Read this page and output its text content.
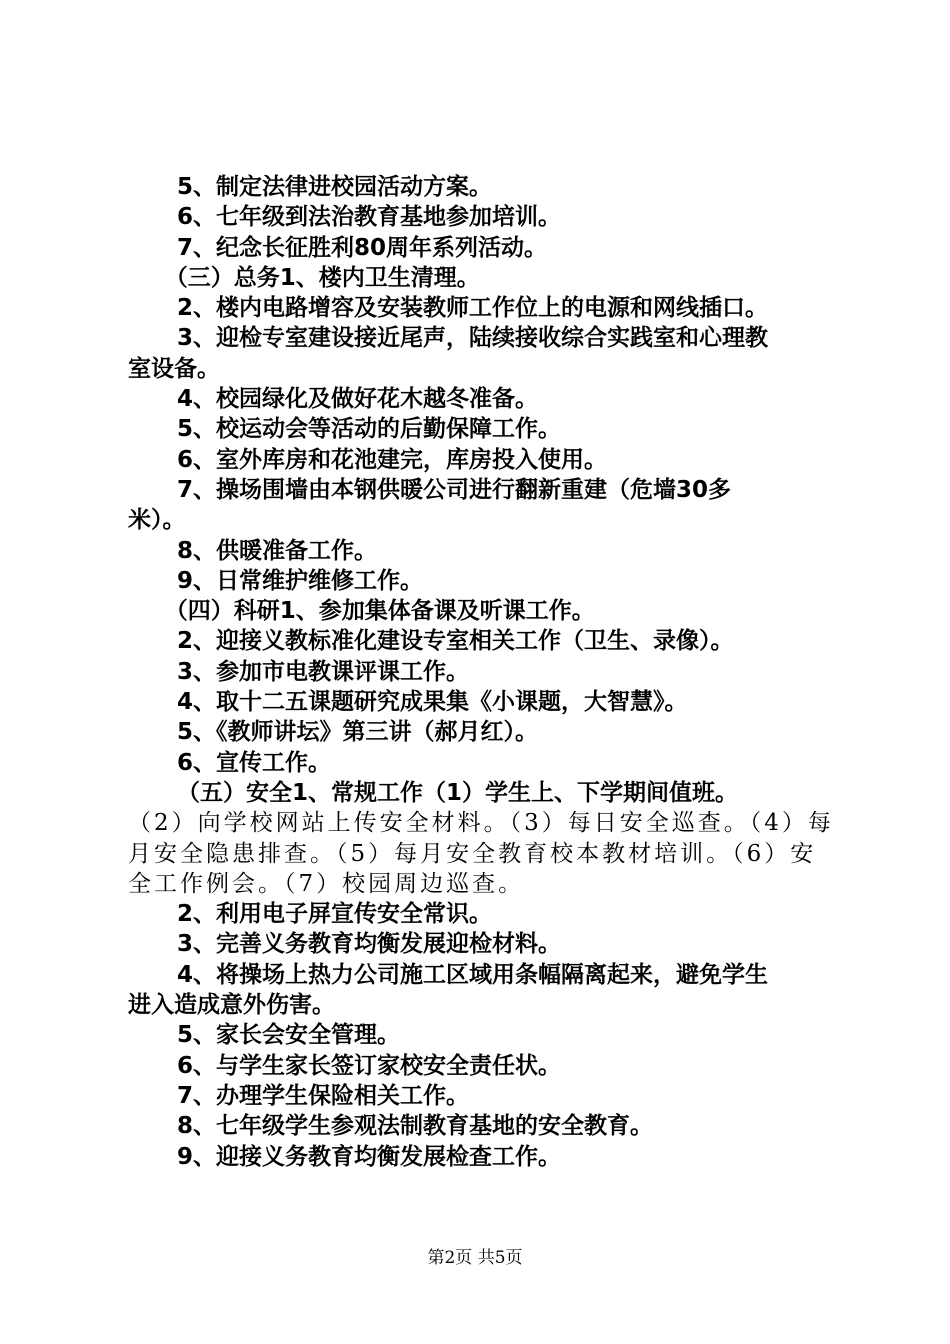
5、制定法律进校园活动方案。
6、七年级到法治教育基地参加培训。
7、纪念长征胜利80周年系列活动。
（三）总务1、楼内卫生清理。
2、楼内电路增容及安装教师工作位上的电源和网线插口。
3、迎检专室建设接近尾声，陆续接收综合实践室和心理教
室设备。
4、校园绿化及做好花木越冬准备。
5、校运动会等活动的后勤保障工作。
6、室外库房和花池建完，库房投入使用。
7、操场围墙由本钢供暖公司进行翻新重建（危墙30多
米）。
8、供暖准备工作。
9、日常维护维修工作。
（四）科研1、参加集体备课及听课工作。
2、迎接义教标准化建设专室相关工作（卫生、录像）。
3、参加市电教课评课工作。
4、取十二五课题研究成果集《小课题，大智慧》。
5、《教师讲坛》第三讲（郝月红）。
6、宣传工作。
（五）安全1、常规工作（1）学生上、下学期间值班。
（2）向学校网站上传安全材料。（3）每日安全巡查。（4）每
月安全隐患排查。（5）每月安全教育校本教材培训。（6）安
全工作例会。（7）校园周边巡查。
2、利用电子屏宣传安全常识。
3、完善义务教育均衡发展迎检材料。
4、将操场上热力公司施工区域用条幅隔离起来，避免学生
进入造成意外伤害。
5、家长会安全管理。
6、与学生家长签订家校安全责任状。
7、办理学生保险相关工作。
8、七年级学生参观法制教育基地的安全教育。
9、迎接义务教育均衡发展检查工作。
第2页 共5页
